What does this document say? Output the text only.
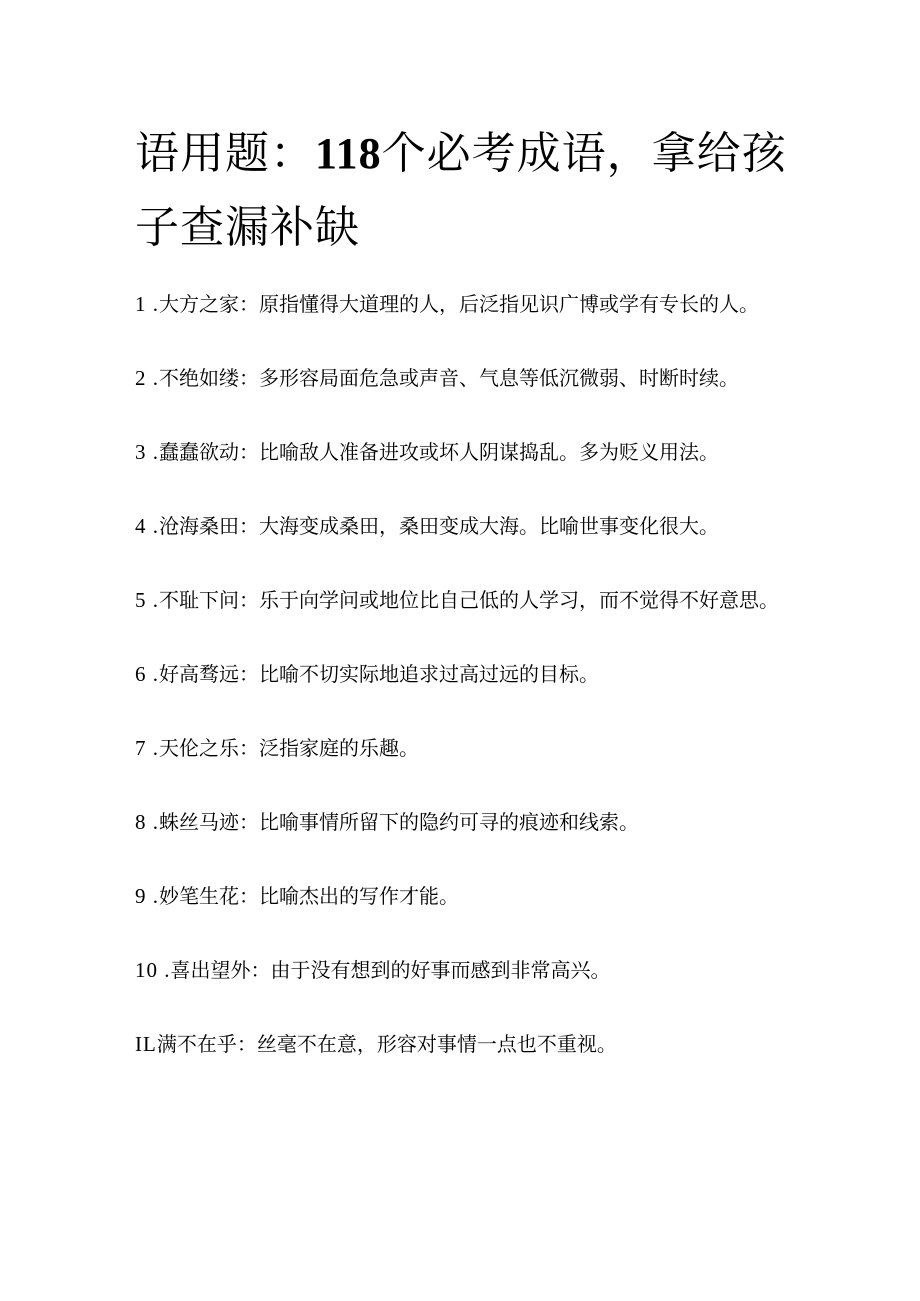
语用题：118个必考成语，拿给孩子查漏补缺
1 .大方之家：原指懂得大道理的人，后泛指见识广博或学有专长的人。
2 .不绝如缕：多形容局面危急或声音、气息等低沉微弱、时断时续。
3 .蠢蠢欲动：比喻敌人准备进攻或坏人阴谋捣乱。多为贬义用法。
4 .沧海桑田：大海变成桑田，桑田变成大海。比喻世事变化很大。
5 .不耻下问：乐于向学问或地位比自己低的人学习，而不觉得不好意思。
6 .好高骛远：比喻不切实际地追求过高过远的目标。
7 .天伦之乐：泛指家庭的乐趣。
8 .蛛丝马迹：比喻事情所留下的隐约可寻的痕迹和线索。
9 .妙笔生花：比喻杰出的写作才能。
10 .喜出望外：由于没有想到的好事而感到非常高兴。
IL满不在乎：丝毫不在意，形容对事情一点也不重视。
